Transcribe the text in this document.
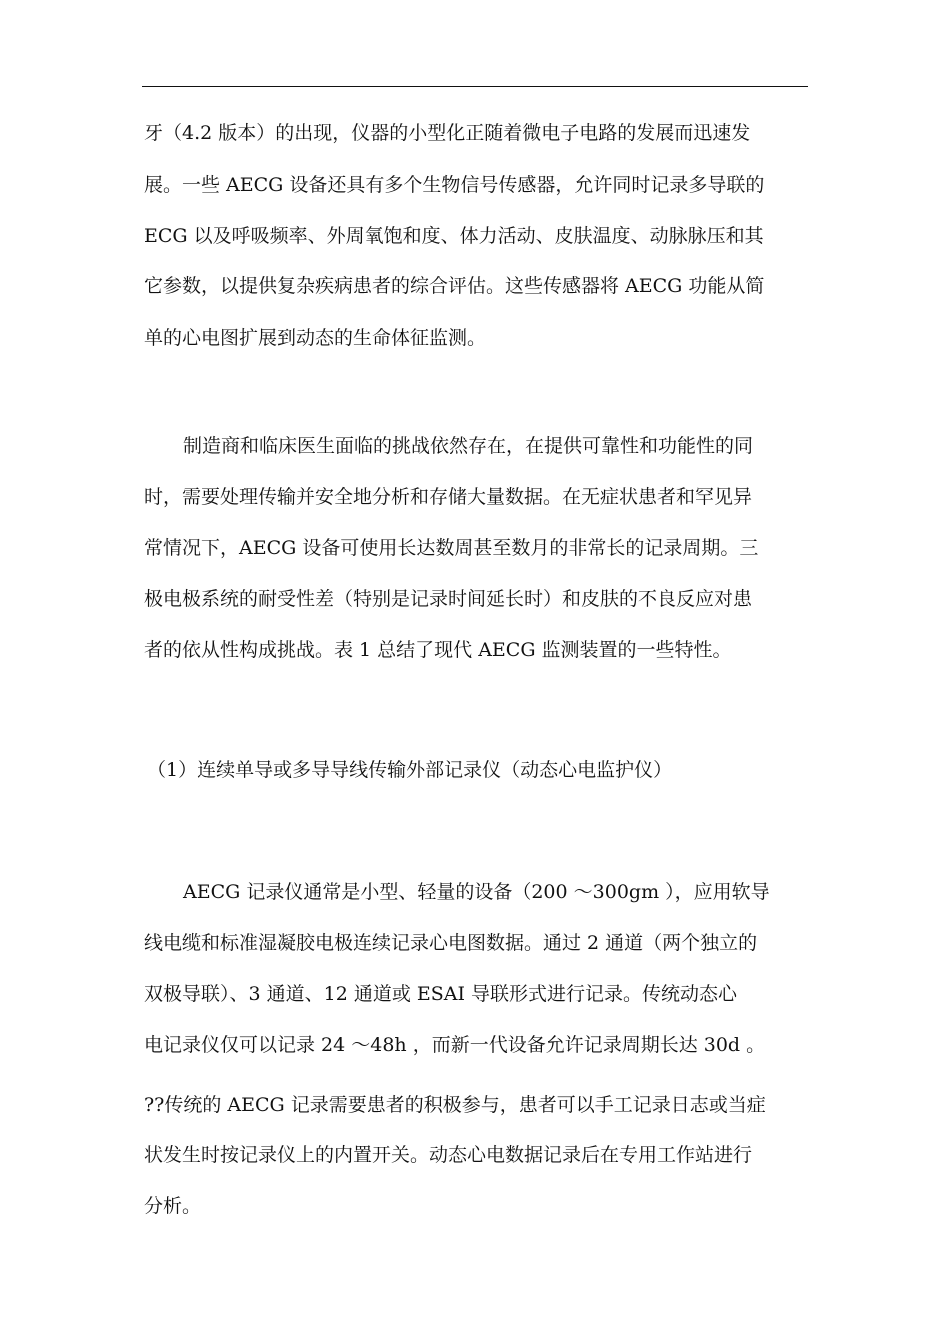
牙（4.2 版本）的出现，仪器的小型化正随着微电子电路的发展而迅速发
展。一些 AECG 设备还具有多个生物信号传感器，允许同时记录多导联的
ECG 以及呼吸频率、外周氧饱和度、体力活动、皮肤温度、动脉脉压和其
它参数，以提供复杂疾病患者的综合评估。这些传感器将 AECG 功能从简
单的心电图扩展到动态的生命体征监测。
制造商和临床医生面临的挑战依然存在，在提供可靠性和功能性的同
时，需要处理传输并安全地分析和存储大量数据。在无症状患者和罕见异
常情况下，AECG 设备可使用长达数周甚至数月的非常长的记录周期。三
极电极系统的耐受性差（特别是记录时间延长时）和皮肤的不良反应对患
者的依从性构成挑战。表 1 总结了现代 AECG 监测装置的一些特性。
（1）连续单导或多导导线传输外部记录仪（动态心电监护仪）
AECG 记录仪通常是小型、轻量的设备（200 ～300gm ），应用软导
线电缆和标准湿凝胶电极连续记录心电图数据。通过 2 通道（两个独立的
双极导联）、3 通道、12 通道或 ESAI 导联形式进行记录。传统动态心
电记录仪仅可以记录 24 ～48h ，而新一代设备允许记录周期长达 30d 。
??传统的 AECG 记录需要患者的积极参与，患者可以手工记录日志或当症
状发生时按记录仪上的内置开关。动态心电数据记录后在专用工作站进行
分析。
